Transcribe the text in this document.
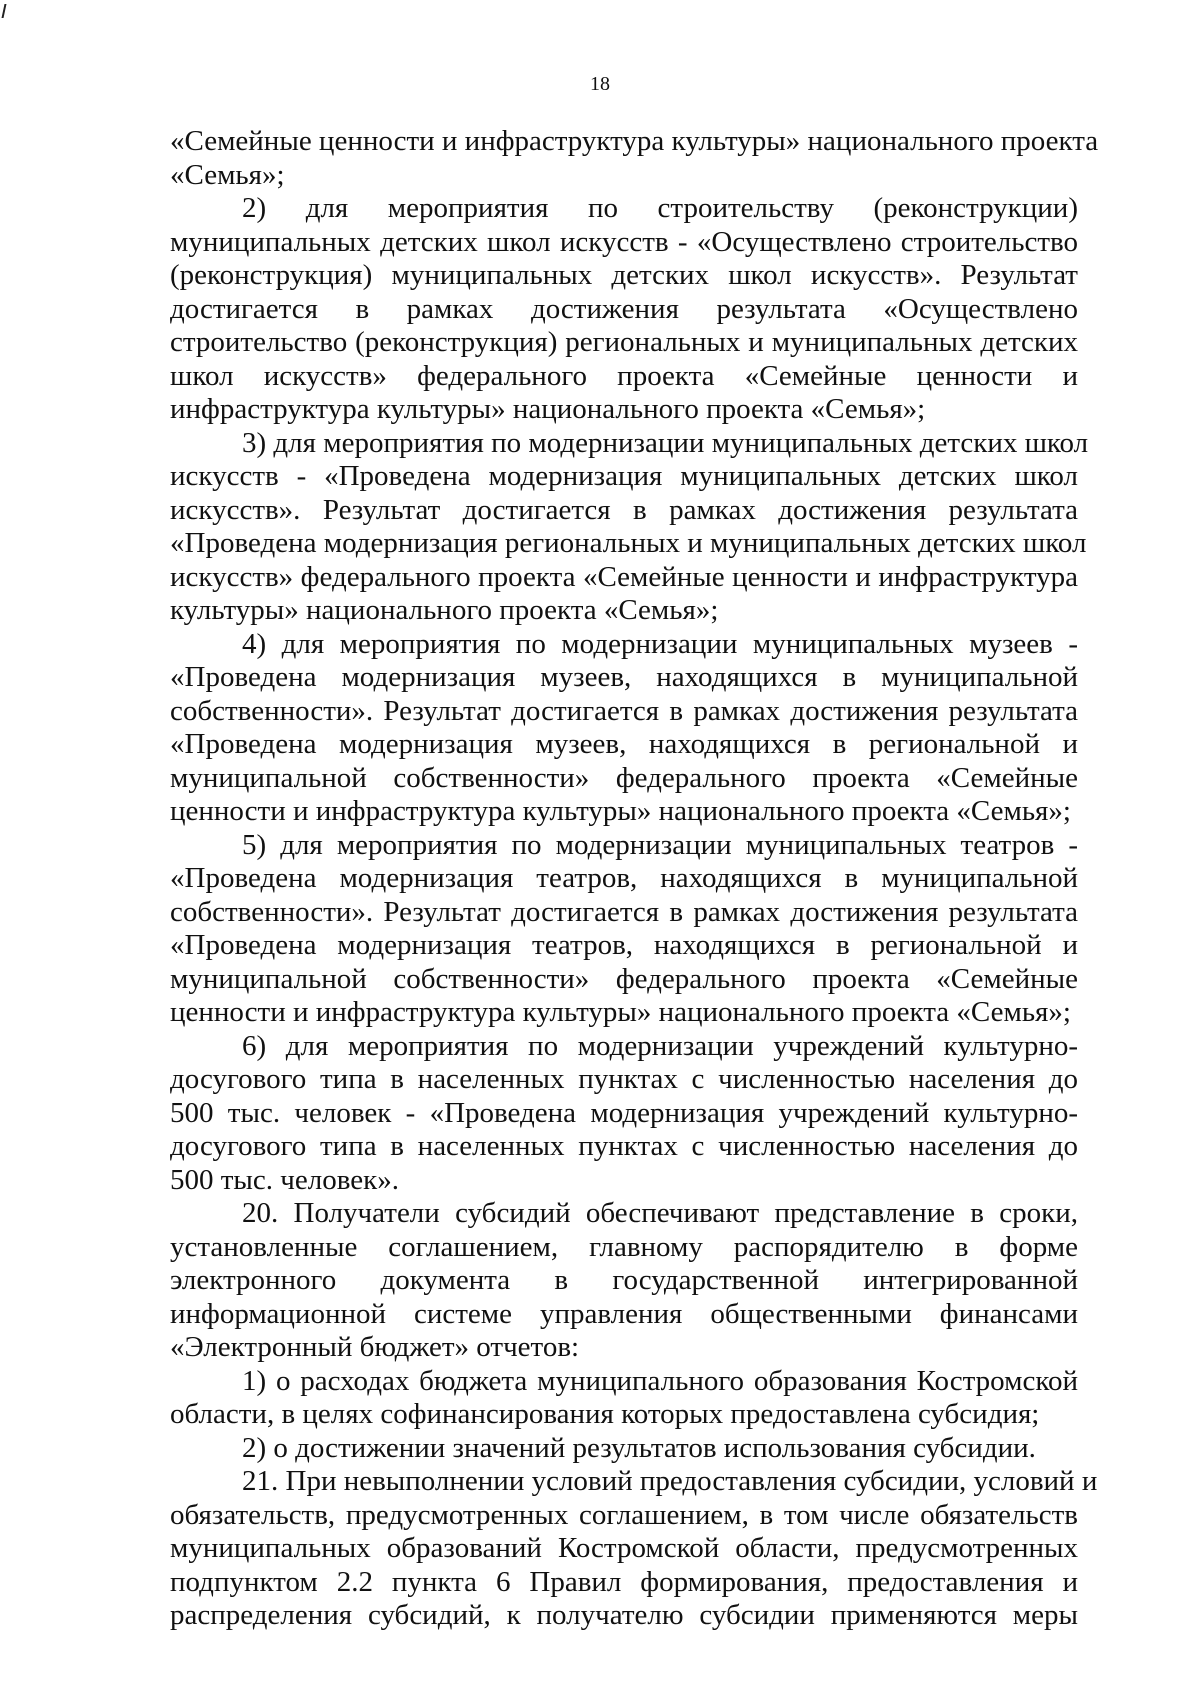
18

«Семейные ценности и инфраструктура культуры» национального проекта
«Семья»;

2) для мероприятия по строительству (реконструкции)
муниципальных детских школ искусств - «Осуществлено строительство
(реконструкция) муниципальных детских школ искусств». Результат
достигается в рамках достижения результата «Осуществлено
строительство (реконструкция) региональных и муниципальных детских
школ искусств» федерального проекта «Семейные ценности и
инфраструктура культуры» национального проекта «Семья»;

3) для мероприятия по модернизации муниципальных детских школ
искусств - «Проведена модернизация муниципальных детских школ
искусств». Результат достигается в рамках достижения результата
«Проведена модернизация региональных и муниципальных детских школ
искусств» федерального проекта «Семейные ценности и инфраструктура
культуры» национального проекта «Семья»;

4) для мероприятия по модернизации муниципальных музеев -
«Проведена модернизация музеев, находящихся в муниципальной
собственности». Результат достигается в рамках достижения результата
«Проведена модернизация музеев, находящихся в региональной и
муниципальной собственности» федерального проекта «Семейные
ценности и инфраструктура культуры» национального проекта «Семья»;

5) для мероприятия по модернизации муниципальных театров -
«Проведена модернизация театров, находящихся в муниципальной
собственности». Результат достигается в рамках достижения результата
«Проведена модернизация театров, находящихся в региональной и
муниципальной собственности» федерального проекта «Семейные
ценности и инфраструктура культуры» национального проекта «Семья»;

6) для мероприятия по модернизации учреждений культурно-
досугового типа в населенных пунктах с численностью населения до
500 тыс. человек - «Проведена модернизация учреждений культурно-
досугового типа в населенных пунктах с численностью населения до
500 тыс. человек».

20. Получатели субсидий обеспечивают представление в сроки,
установленные соглашением, главному распорядителю в форме
электронного документа в государственной интегрированной
информационной системе управления общественными финансами
«Электронный бюджет» отчетов:

1) о расходах бюджета муниципального образования Костромской
области, в целях софинансирования которых предоставлена субсидия;

2) о достижении значений результатов использования субсидии.

21. При невыполнении условий предоставления субсидии, условий и
обязательств, предусмотренных соглашением, в том числе обязательств
муниципальных образований Костромской области, предусмотренных
подпунктом 2.2 пункта 6 Правил формирования, предоставления и
распределения субсидий, к получателю субсидии применяются меры
